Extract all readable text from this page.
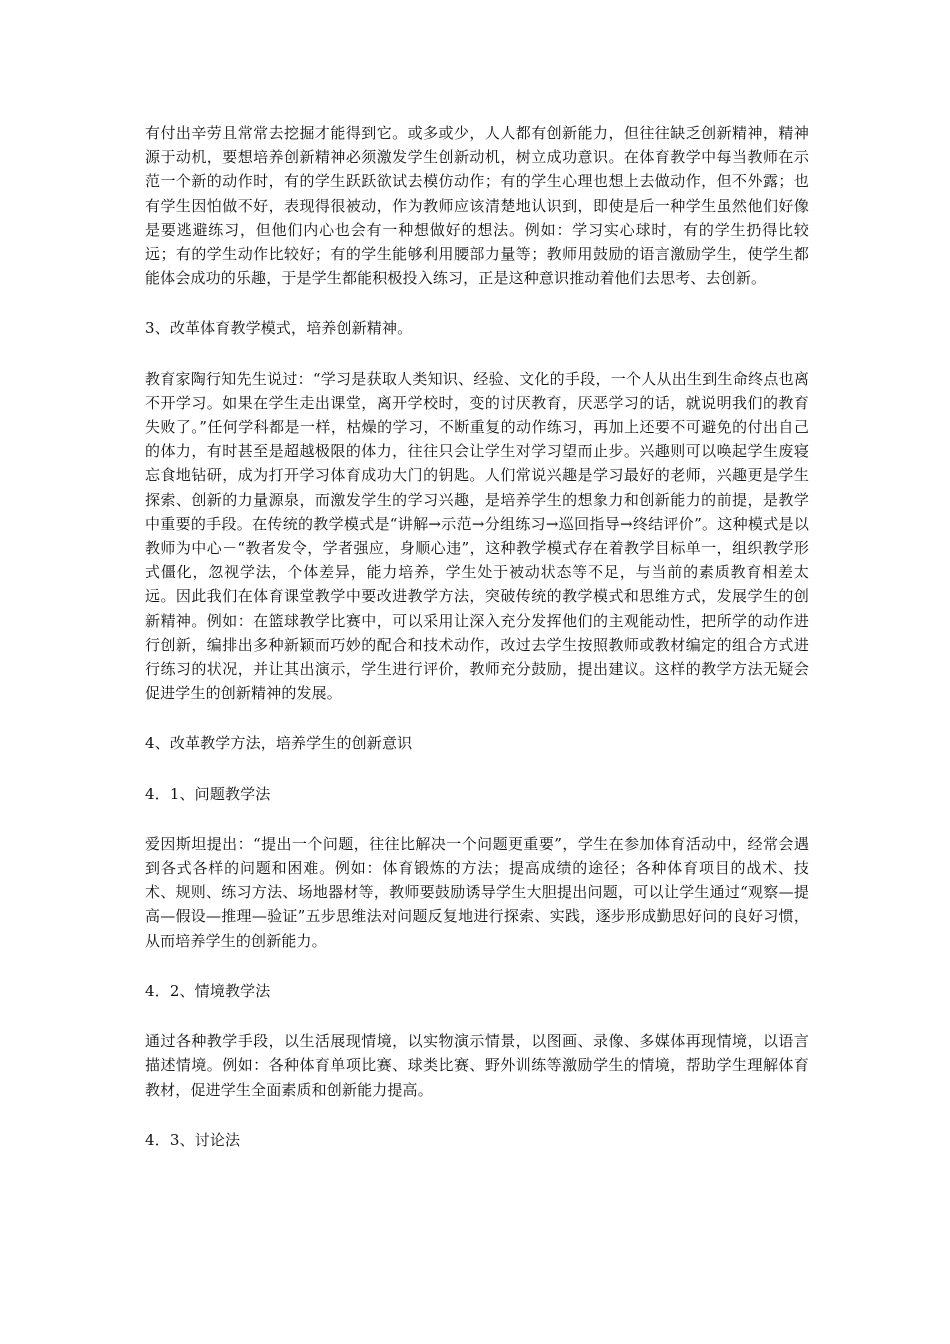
有付出辛劳且常常去挖掘才能得到它。或多或少，人人都有创新能力，但往往缺乏创新精神，精神源于动机，要想培养创新精神必须激发学生创新动机，树立成功意识。在体育教学中每当教师在示范一个新的动作时，有的学生跃跃欲试去模仿动作；有的学生心理也想上去做动作，但不外露；也有学生因怕做不好，表现得很被动，作为教师应该清楚地认识到，即使是后一种学生虽然他们好像是要逃避练习，但他们内心也会有一种想做好的想法。例如：学习实心球时，有的学生扔得比较远；有的学生动作比较好；有的学生能够利用腰部力量等；教师用鼓励的语言激励学生，使学生都能体会成功的乐趣，于是学生都能积极投入练习，正是这种意识推动着他们去思考、去创新。

3、改革体育教学模式，培养创新精神。

教育家陶行知先生说过：“学习是获取人类知识、经验、文化的手段，一个人从出生到生命终点也离不开学习。如果在学生走出课堂，离开学校时，变的讨厌教育，厌恶学习的话，就说明我们的教育失败了。”任何学科都是一样，枯燥的学习，不断重复的动作练习，再加上还要不可避免的付出自己的体力，有时甚至是超越极限的体力，往往只会让学生对学习望而止步。兴趣则可以唤起学生废寝忘食地钻研，成为打开学习体育成功大门的钥匙。人们常说兴趣是学习最好的老师，兴趣更是学生探索、创新的力量源泉，而激发学生的学习兴趣，是培养学生的想象力和创新能力的前提，是教学中重要的手段。在传统的教学模式是“讲解→示范→分组练习→巡回指导→终结评价”。这种模式是以教师为中心－“教者发令，学者强应，身顺心违”，这种教学模式存在着教学目标单一，组织教学形式僵化，忽视学法，个体差异，能力培养，学生处于被动状态等不足，与当前的素质教育相差太远。因此我们在体育课堂教学中要改进教学方法，突破传统的教学模式和思维方式，发展学生的创新精神。例如：在篮球教学比赛中，可以采用让深入充分发挥他们的主观能动性，把所学的动作进行创新，编排出多种新颖而巧妙的配合和技术动作，改过去学生按照教师或教材编定的组合方式进行练习的状况，并让其出演示，学生进行评价，教师充分鼓励，提出建议。这样的教学方法无疑会促进学生的创新精神的发展。

4、改革教学方法，培养学生的创新意识

4．1、问题教学法

爱因斯坦提出：“提出一个问题，往往比解决一个问题更重要”，学生在参加体育活动中，经常会遇到各式各样的问题和困难。例如：体育锻炼的方法；提高成绩的途径；各种体育项目的战术、技术、规则、练习方法、场地器材等，教师要鼓励诱导学生大胆提出问题，可以让学生通过“观察—提高—假设—推理—验证”五步思维法对问题反复地进行探索、实践，逐步形成勤思好问的良好习惯，从而培养学生的创新能力。

4．2、情境教学法

通过各种教学手段，以生活展现情境，以实物演示情景，以图画、录像、多媒体再现情境，以语言描述情境。例如：各种体育单项比赛、球类比赛、野外训练等激励学生的情境，帮助学生理解体育教材，促进学生全面素质和创新能力提高。

4．3、讨论法
